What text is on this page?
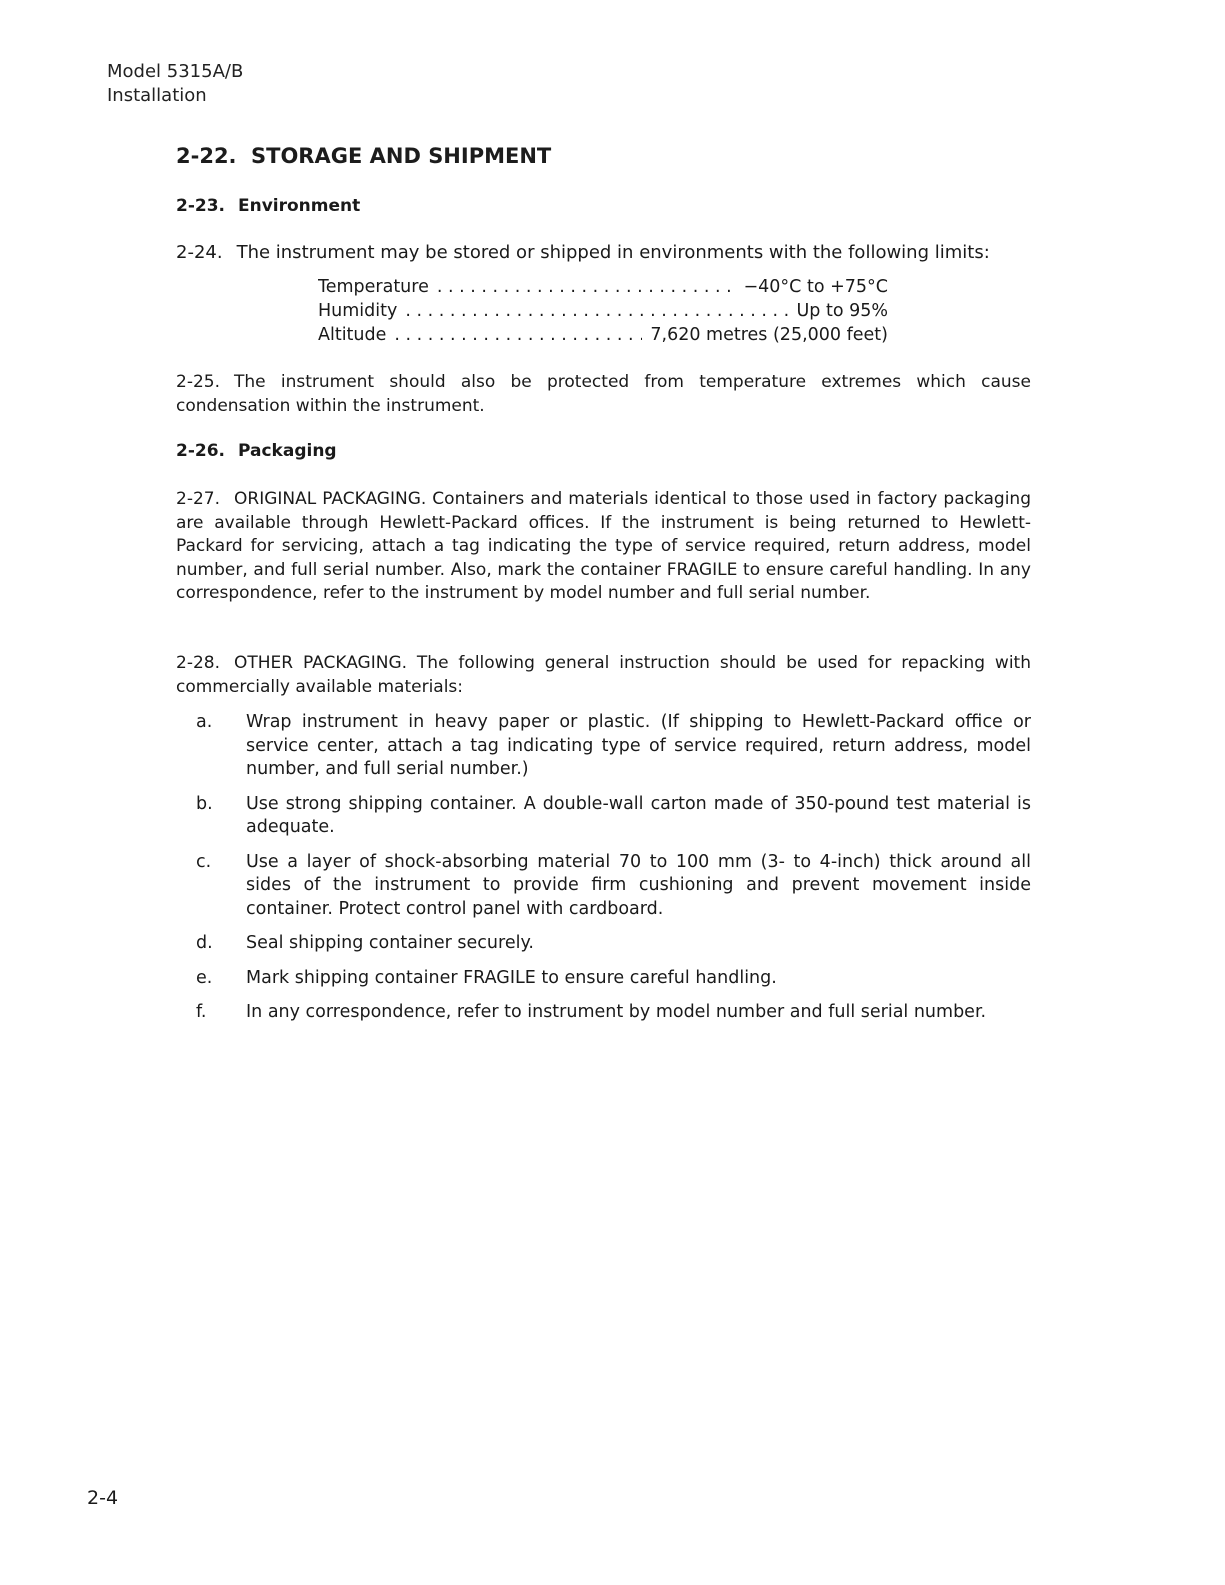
Model 5315A/B
Installation
2-22. STORAGE AND SHIPMENT
2-23. Environment
2-24. The instrument may be stored or shipped in environments with the following limits:
Temperature . . .	−40°C to +75°C
Humidity . . .	Up to 95%
Altitude . . .	7,620 metres (25,000 feet)
2-25. The instrument should also be protected from temperature extremes which cause condensation within the instrument.
2-26. Packaging
2-27. ORIGINAL PACKAGING. Containers and materials identical to those used in factory packaging are available through Hewlett-Packard offices. If the instrument is being returned to Hewlett-Packard for servicing, attach a tag indicating the type of service required, return address, model number, and full serial number. Also, mark the container FRAGILE to ensure careful handling. In any correspondence, refer to the instrument by model number and full serial number.
2-28. OTHER PACKAGING. The following general instruction should be used for repacking with commercially available materials:
a.	Wrap instrument in heavy paper or plastic. (If shipping to Hewlett-Packard office or service center, attach a tag indicating type of service required, return address, model number, and full serial number.)
b.	Use strong shipping container. A double-wall carton made of 350-pound test material is adequate.
c.	Use a layer of shock-absorbing material 70 to 100 mm (3- to 4-inch) thick around all sides of the instrument to provide firm cushioning and prevent movement inside container. Protect control panel with cardboard.
d.	Seal shipping container securely.
e.	Mark shipping container FRAGILE to ensure careful handling.
f.	In any correspondence, refer to instrument by model number and full serial number.
2-4
